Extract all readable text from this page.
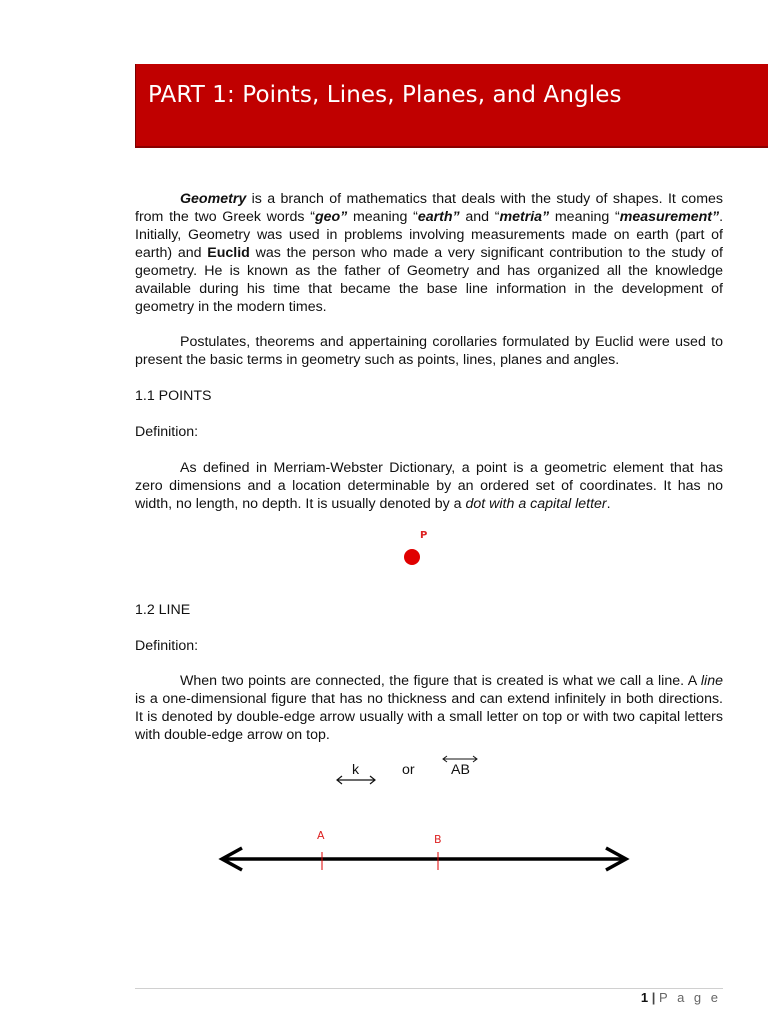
PART 1: Points, Lines, Planes, and Angles

Geometry is a branch of mathematics that deals with the study of shapes. It comes from the two Greek words “geo” meaning “earth” and “metria” meaning “measurement”. Initially, Geometry was used in problems involving measurements made on earth (part of earth) and Euclid was the person who made a very significant contribution to the study of geometry. He is known as the father of Geometry and has organized all the knowledge available during his time that became the base line information in the development of geometry in the modern times.

Postulates, theorems and appertaining corollaries formulated by Euclid were used to present the basic terms in geometry such as points, lines, planes and angles.

1.1 POINTS
Definition:

As defined in Merriam-Webster Dictionary, a point is a geometric element that has zero dimensions and a location determinable by an ordered set of coordinates. It has no width, no length, no depth. It is usually denoted by a dot with a capital letter.

P
1.2 LINE
Definition:

When two points are connected, the figure that is created is what we call a line. A line is a one-dimensional figure that has no thickness and can extend infinitely in both directions. It is denoted by double-edge arrow usually with a small letter on top or with two capital letters with double-edge arrow on top.

k	or	AB
A	B
1 | P a g e
